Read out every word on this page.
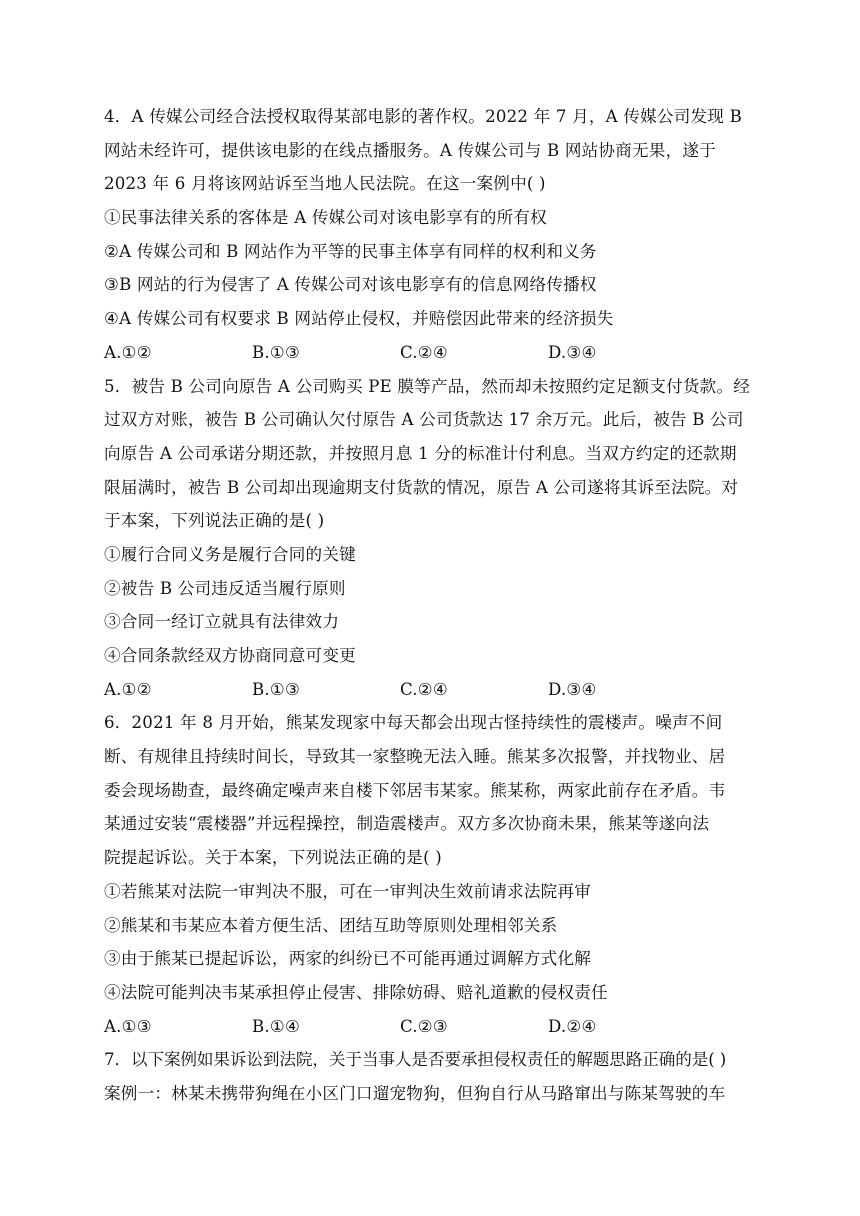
4．A 传媒公司经合法授权取得某部电影的著作权。2022 年 7 月，A 传媒公司发现 B
网站未经许可，提供该电影的在线点播服务。A 传媒公司与 B 网站协商无果，遂于
2023 年 6 月将该网站诉至当地人民法院。在这一案例中( )
①民事法律关系的客体是 A 传媒公司对该电影享有的所有权
②A 传媒公司和 B 网站作为平等的民事主体享有同样的权利和义务
③B 网站的行为侵害了 A 传媒公司对该电影享有的信息网络传播权
④A 传媒公司有权要求 B 网站停止侵权，并赔偿因此带来的经济损失
A.①②	B.①③	C.②④	D.③④
5．被告 B 公司向原告 A 公司购买 PE 膜等产品，然而却未按照约定足额支付货款。经
过双方对账，被告 B 公司确认欠付原告 A 公司货款达 17 余万元。此后，被告 B 公司
向原告 A 公司承诺分期还款，并按照月息 1 分的标准计付利息。当双方约定的还款期
限届满时，被告 B 公司却出现逾期支付货款的情况，原告 A 公司遂将其诉至法院。对
于本案，下列说法正确的是( )
①履行合同义务是履行合同的关键
②被告 B 公司违反适当履行原则
③合同一经订立就具有法律效力
④合同条款经双方协商同意可变更
A.①②	B.①③	C.②④	D.③④
6．2021 年 8 月开始，熊某发现家中每天都会出现古怪持续性的震楼声。噪声不间
断、有规律且持续时间长，导致其一家整晚无法入睡。熊某多次报警，并找物业、居
委会现场勘查，最终确定噪声来自楼下邻居韦某家。熊某称，两家此前存在矛盾。韦
某通过安装“震楼器”并远程操控，制造震楼声。双方多次协商未果，熊某等遂向法
院提起诉讼。关于本案，下列说法正确的是( )
①若熊某对法院一审判决不服，可在一审判决生效前请求法院再审
②熊某和韦某应本着方便生活、团结互助等原则处理相邻关系
③由于熊某已提起诉讼，两家的纠纷已不可能再通过调解方式化解
④法院可能判决韦某承担停止侵害、排除妨碍、赔礼道歉的侵权责任
A.①③	B.①④	C.②③	D.②④
7．以下案例如果诉讼到法院，关于当事人是否要承担侵权责任的解题思路正确的是( )
案例一：林某未携带狗绳在小区门口遛宠物狗，但狗自行从马路窜出与陈某驾驶的车
